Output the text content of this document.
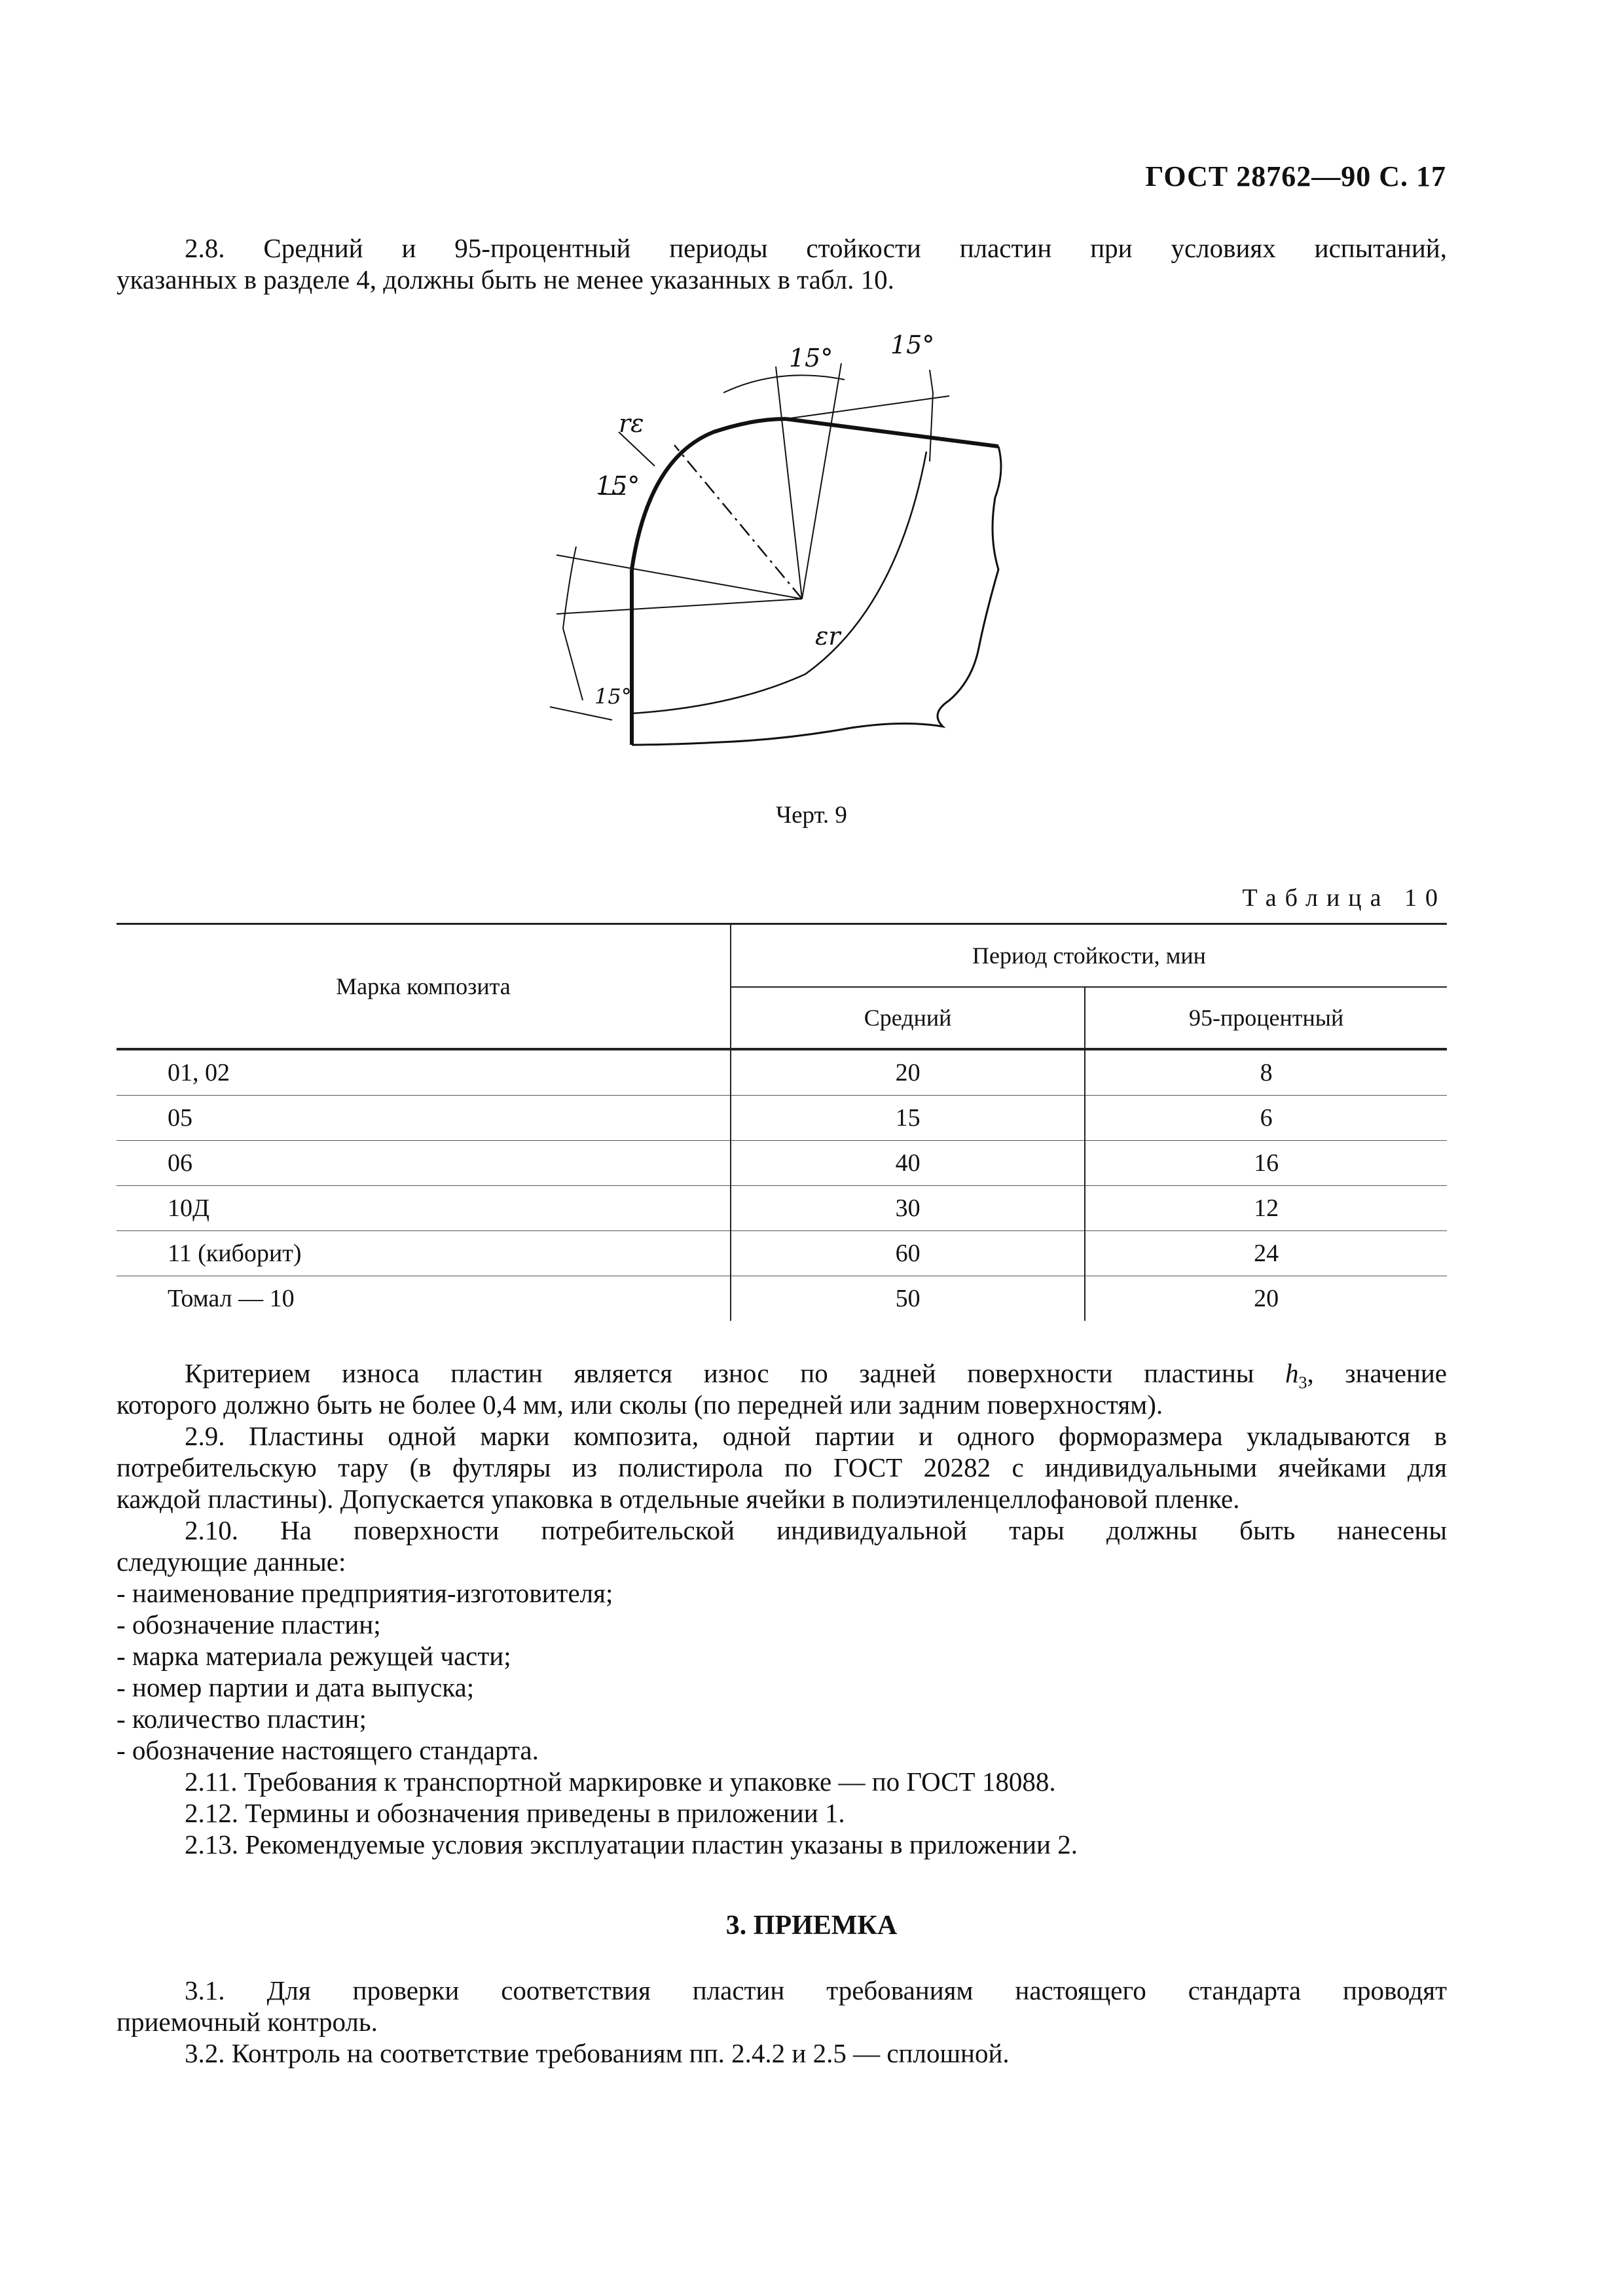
ГОСТ 28762—90 С. 17
2.8. Средний и 95-процентный периоды стойкости пластин при условиях испытаний,
указанных в разделе 4, должны быть не менее указанных в табл. 10.
15° 15°
15°
15°
rε
εr
Черт. 9
Таблица 10
Марка композита	Период стойкости, мин	
	Средний	95-процентный
01, 02	20	8
05	15	6
06	40	16
10Д	30	12
11 (киборит)	60	24
Томал — 10	50	20
Критерием износа пластин является износ по задней поверхности пластины $h_3$, значение
которого должно быть не более 0,4 мм, или сколы (по передней или задним поверхностям).
2.9. Пластины одной марки композита, одной партии и одного форморазмера укладываются в
потребительскую тару (в футляры из полистирола по ГОСТ 20282 с индивидуальными ячейками для
каждой пластины). Допускается упаковка в отдельные ячейки в полиэтиленцеллофановой пленке.
2.10. На поверхности потребительской индивидуальной тары должны быть нанесены
следующие данные:
- наименование предприятия-изготовителя;
- обозначение пластин;
- марка материала режущей части;
- номер партии и дата выпуска;
- количество пластин;
- обозначение настоящего стандарта.
2.11. Требования к транспортной маркировке и упаковке — по ГОСТ 18088.
2.12. Термины и обозначения приведены в приложении 1.
2.13. Рекомендуемые условия эксплуатации пластин указаны в приложении 2.
3. ПРИЕМКА
3.1. Для проверки соответствия пластин требованиям настоящего стандарта проводят
приемочный контроль.
3.2. Контроль на соответствие требованиям пп. 2.4.2 и 2.5 — сплошной.
